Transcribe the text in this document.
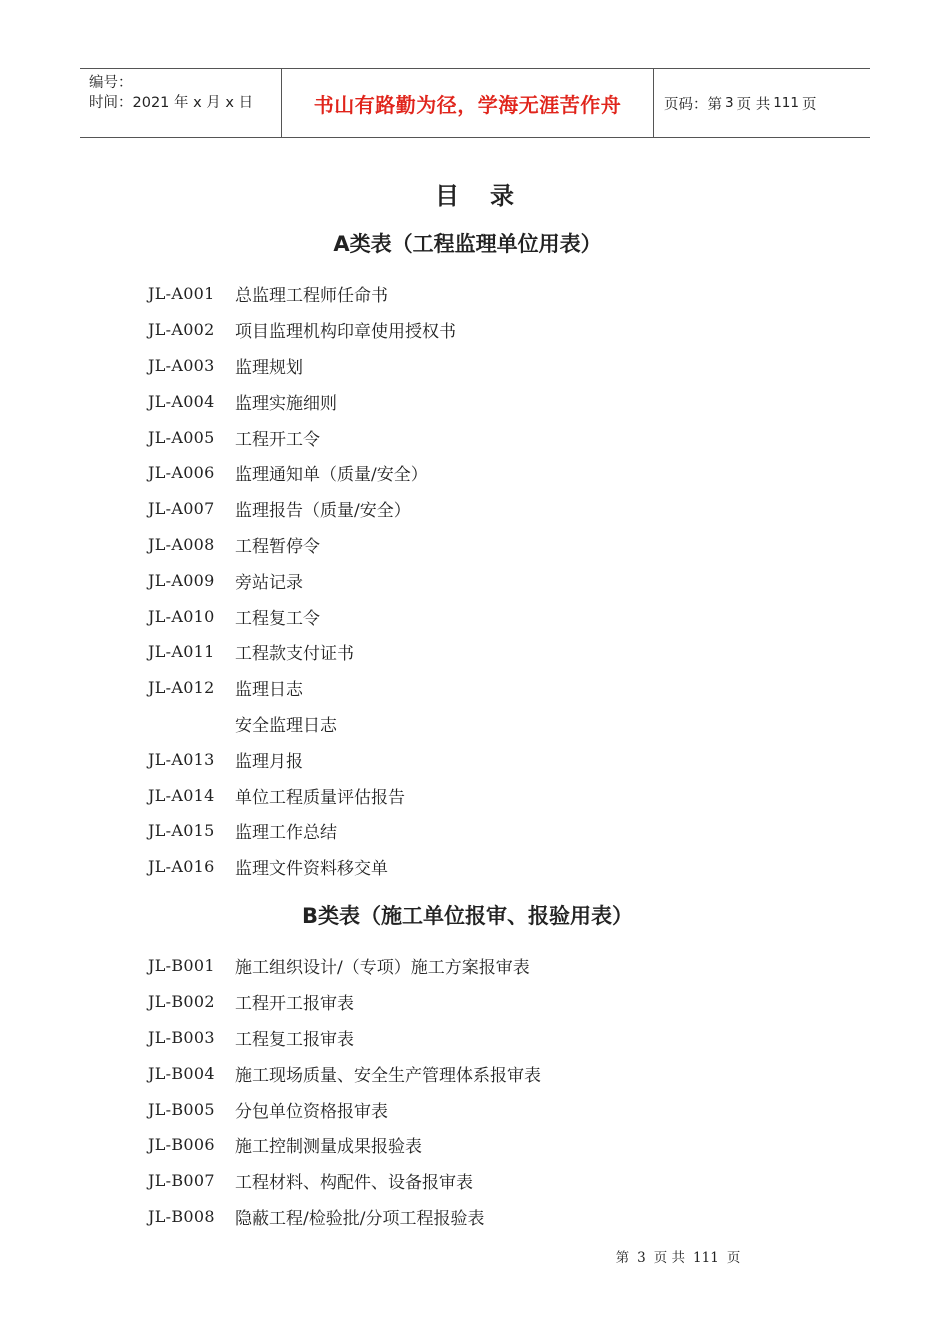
编号：
时间：2021 年 x 月 x 日	书山有路勤为径，学海无涯苦作舟	页码：第 3 页 共 111 页
目 录
A类表（工程监理单位用表）
JL-A001	总监理工程师任命书
JL-A002	项目监理机构印章使用授权书
JL-A003	监理规划
JL-A004	监理实施细则
JL-A005	工程开工令
JL-A006	监理通知单（质量/安全）
JL-A007	监理报告（质量/安全）
JL-A008	工程暂停令
JL-A009	旁站记录
JL-A010	工程复工令
JL-A011	工程款支付证书
JL-A012	监理日志
安全监理日志
JL-A013	监理月报
JL-A014	单位工程质量评估报告
JL-A015	监理工作总结
JL-A016	监理文件资料移交单
B类表（施工单位报审、报验用表）
JL-B001	施工组织设计/（专项）施工方案报审表
JL-B002	工程开工报审表
JL-B003	工程复工报审表
JL-B004	施工现场质量、安全生产管理体系报审表
JL-B005	分包单位资格报审表
JL-B006	施工控制测量成果报验表
JL-B007	工程材料、构配件、设备报审表
JL-B008	隐蔽工程/检验批/分项工程报验表
第 3 页 共 111 页
